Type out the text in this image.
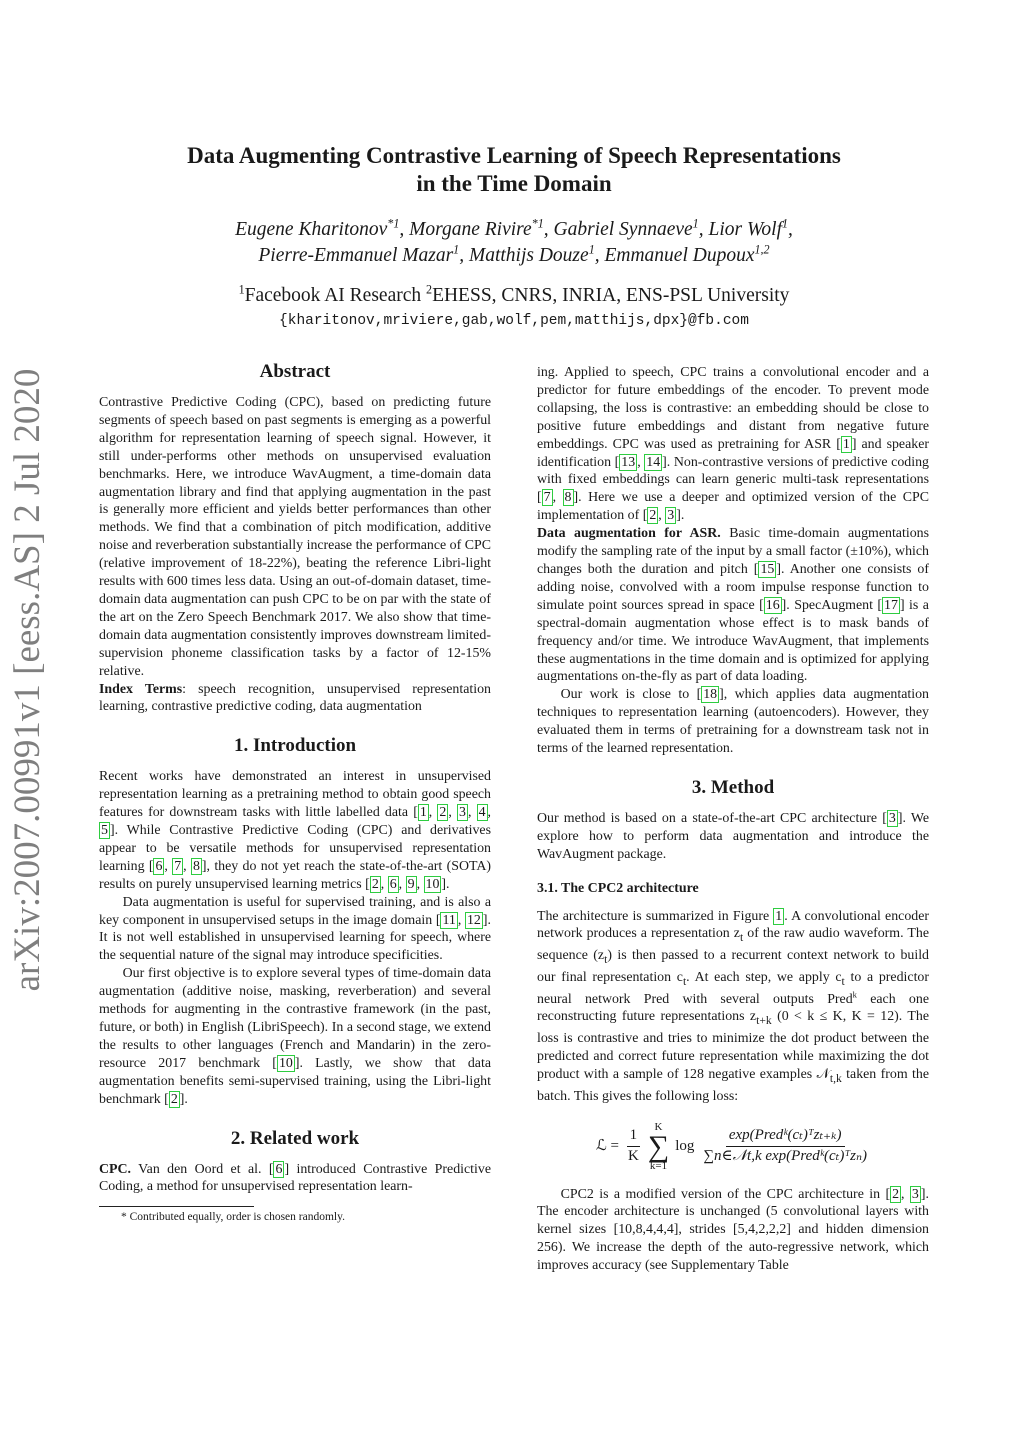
arXiv:2007.00991v1 [eess.AS] 2 Jul 2020
Data Augmenting Contrastive Learning of Speech Representations
in the Time Domain
Eugene Kharitonov$^{*1}$, Morgane Rivire$^{*1}$, Gabriel Synnaeve$^1$, Lior Wolf$^1$,
Pierre-Emmanuel Mazar$^1$, Matthijs Douze$^1$, Emmanuel Dupoux$^{1,2}$
$^1$Facebook AI Research $^2$EHESS, CNRS, INRIA, ENS-PSL University
{kharitonov,mriviere,gab,wolf,pem,matthijs,dpx}@fb.com
Abstract

Contrastive Predictive Coding (CPC), based on predicting future segments of speech based on past segments is emerging as a powerful algorithm for representation learning of speech signal. However, it still under-performs other methods on unsupervised evaluation benchmarks. Here, we introduce WavAugment, a time-domain data augmentation library and find that applying augmentation in the past is generally more efficient and yields better performances than other methods. We find that a combination of pitch modification, additive noise and reverberation substantially increase the performance of CPC (relative improvement of 18-22%), beating the reference Libri-light results with 600 times less data. Using an out-of-domain dataset, time-domain data augmentation can push CPC to be on par with the state of the art on the Zero Speech Benchmark 2017. We also show that time-domain data augmentation consistently improves downstream limited-supervision phoneme classification tasks by a factor of 12-15% relative.

Index Terms: speech recognition, unsupervised representation learning, contrastive predictive coding, data augmentation

1. Introduction

Recent works have demonstrated an interest in unsupervised representation learning as a pretraining method to obtain good speech features for downstream tasks with little labelled data [ 1 , 2 , 3 , 4 , 5 ]. While Contrastive Predictive Coding (CPC) and derivatives appear to be versatile methods for unsupervised representation learning [ 6 , 7 , 8 ], they do not yet reach the state-of-the-art (SOTA) results on purely unsupervised learning metrics [ 2 , 6 , 9 , 10 ].

Data augmentation is useful for supervised training, and is also a key component in unsupervised setups in the image domain [ 11 , 12 ]. It is not well established in unsupervised learning for speech, where the sequential nature of the signal may introduce specificities.

Our first objective is to explore several types of time-domain data augmentation (additive noise, masking, reverberation) and several methods for augmenting in the contrastive framework (in the past, future, or both) in English (LibriSpeech). In a second stage, we extend the results to other languages (French and Mandarin) in the zero-resource 2017 benchmark [ 10 ]. Lastly, we show that data augmentation benefits semi-supervised training, using the Libri-light benchmark [ 2 ].

2. Related work

CPC. Van den Oord et al. [ 6 ] introduced Contrastive Predictive Coding, a method for unsupervised representation learn-

* Contributed equally, order is chosen randomly.

ing. Applied to speech, CPC trains a convolutional encoder and a predictor for future embeddings of the encoder. To prevent mode collapsing, the loss is contrastive: an embedding should be close to positive future embeddings and distant from negative future embeddings. CPC was used as pretraining for ASR [ 1 ] and speaker identification [ 13 , 14 ]. Non-contrastive versions of predictive coding with fixed embeddings can learn generic multi-task representations [ 7 , 8 ]. Here we use a deeper and optimized version of the CPC implementation of [ 2 , 3 ].

Data augmentation for ASR. Basic time-domain augmentations modify the sampling rate of the input by a small factor (±10%), which changes both the duration and pitch [ 15 ]. Another one consists of adding noise, convolved with a room impulse response function to simulate point sources spread in space [ 16 ]. SpecAugment [ 17 ] is a spectral-domain augmentation whose effect is to mask bands of frequency and/or time. We introduce WavAugment, that implements these augmentations in the time domain and is optimized for applying augmentations on-the-fly as part of data loading.

Our work is close to [ 18 ], which applies data augmentation techniques to representation learning (autoencoders). However, they evaluated them in terms of pretraining for a downstream task not in terms of the learned representation.

3. Method

Our method is based on a state-of-the-art CPC architecture [ 3 ]. We explore how to perform data augmentation and introduce the WavAugment package.

3.1. The CPC2 architecture

The architecture is summarized in Figure 1 . A convolutional encoder network produces a representation $z_t$ of the raw audio waveform. The sequence $(z_t)$ is then passed to a recurrent context network to build our final representation $c_t$. At each step, we apply $c_t$ to a predictor neural network Pred with several outputs Pred$^k$ each one reconstructing future representations $z_{t+k}$ (0 < k ≤ K, K = 12). The loss is contrastive and tries to minimize the dot product between the predicted and correct future representation while maximizing the dot product with a sample of 128 negative examples 𝒩$_{t,k}$ taken from the batch. This gives the following loss:

ℒ = $\frac{1}{K}$
K
∑
k=1
$\log \frac{\text{exp(Predᵏ(cₜ)ᵀzₜ₊ₖ)}}{\text{∑n∈𝒩t,k exp(Predᵏ(cₜ)ᵀzₙ)}}$

CPC2 is a modified version of the CPC architecture in [ 2 , 3 ]. The encoder architecture is unchanged (5 convolutional layers with kernel sizes [10,8,4,4,4], strides [5,4,2,2,2] and hidden dimension 256). We increase the depth of the auto-regressive network, which improves accuracy (see Supplementary Table
